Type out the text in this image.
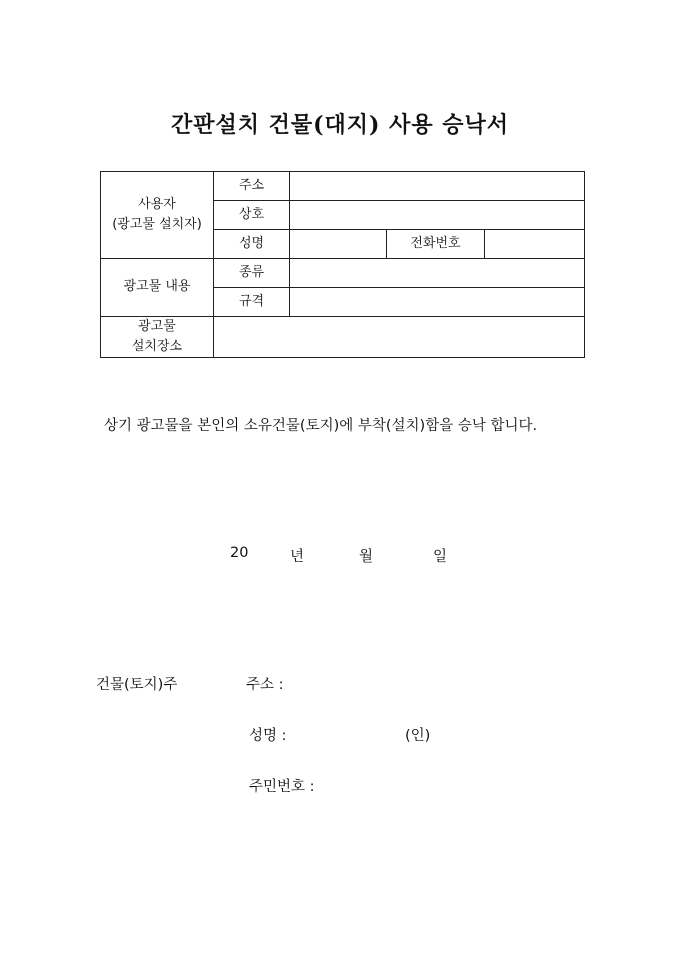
간판설치 건물(대지) 사용 승낙서
사용자
(광고물 설치자)	주소			
	상호			
	성명		전화번호	
광고물 내용	종류			
	규격			

광고물
설치장소				

상기 광고물을 본인의 소유건물(토지)에 부착(설치)함을 승낙 합니다.
20	년	월	일
건물(토지)주	주소 :
성명 :	(인)
주민번호 :
